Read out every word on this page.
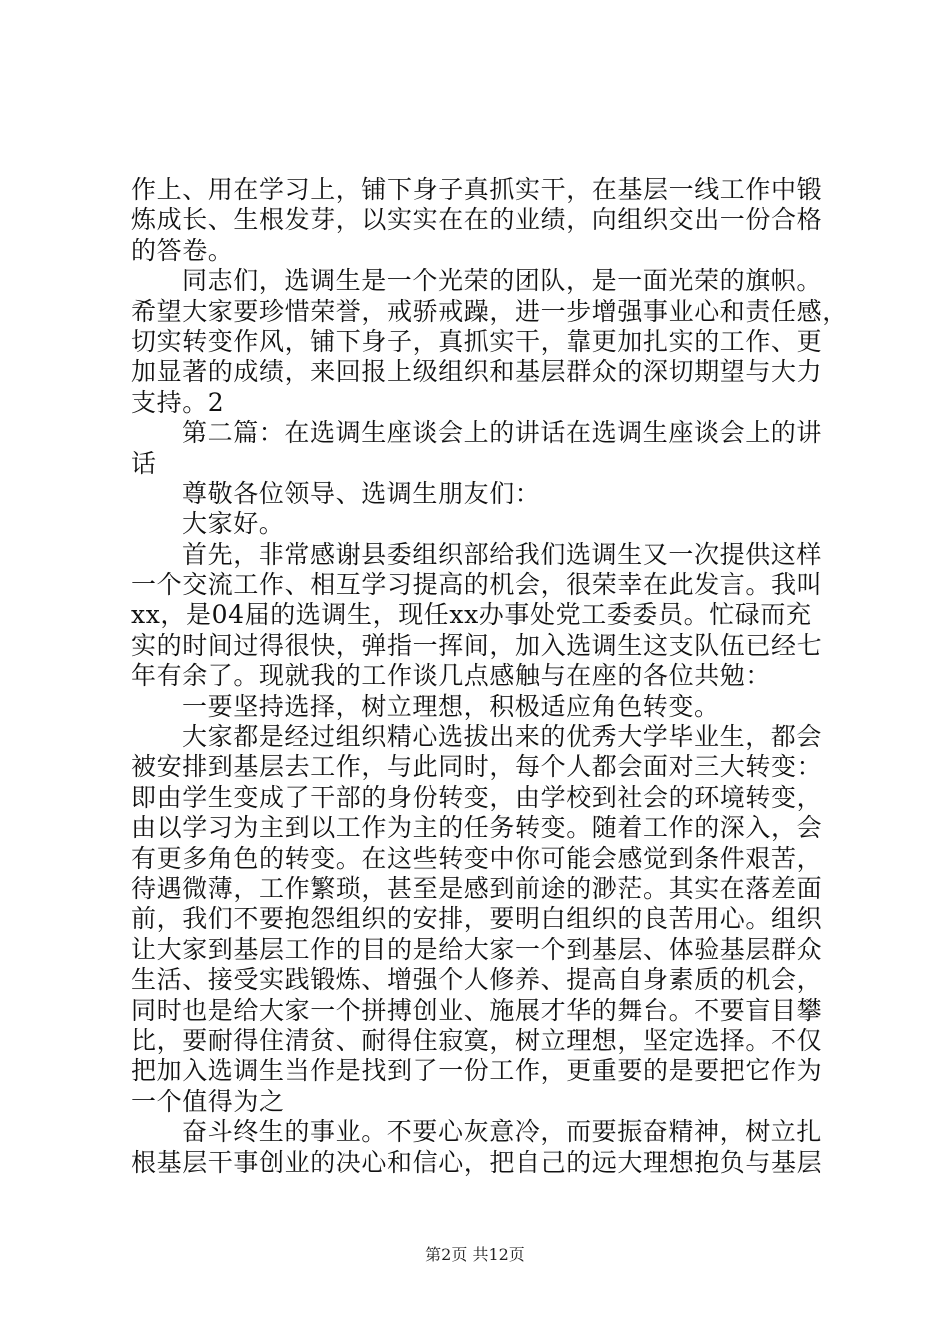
作上、用在学习上，铺下身子真抓实干，在基层一线工作中锻
炼成长、生根发芽，以实实在在的业绩，向组织交出一份合格
的答卷。
同志们，选调生是一个光荣的团队，是一面光荣的旗帜。
希望大家要珍惜荣誉，戒骄戒躁，进一步增强事业心和责任感，
切实转变作风，铺下身子，真抓实干，靠更加扎实的工作、更
加显著的成绩，来回报上级组织和基层群众的深切期望与大力
支持。2
第二篇：在选调生座谈会上的讲话在选调生座谈会上的讲
话
尊敬各位领导、选调生朋友们：
大家好。
首先，非常感谢县委组织部给我们选调生又一次提供这样
一个交流工作、相互学习提高的机会，很荣幸在此发言。我叫
xx，是04届的选调生，现任xx办事处党工委委员。忙碌而充
实的时间过得很快，弹指一挥间，加入选调生这支队伍已经七
年有余了。现就我的工作谈几点感触与在座的各位共勉：
一要坚持选择，树立理想，积极适应角色转变。
大家都是经过组织精心选拔出来的优秀大学毕业生，都会
被安排到基层去工作，与此同时，每个人都会面对三大转变：
即由学生变成了干部的身份转变，由学校到社会的环境转变，
由以学习为主到以工作为主的任务转变。随着工作的深入，会
有更多角色的转变。在这些转变中你可能会感觉到条件艰苦，
待遇微薄，工作繁琐，甚至是感到前途的渺茫。其实在落差面
前，我们不要抱怨组织的安排，要明白组织的良苦用心。组织
让大家到基层工作的目的是给大家一个到基层、体验基层群众
生活、接受实践锻炼、增强个人修养、提高自身素质的机会，
同时也是给大家一个拼搏创业、施展才华的舞台。不要盲目攀
比，要耐得住清贫、耐得住寂寞，树立理想，坚定选择。不仅
把加入选调生当作是找到了一份工作，更重要的是要把它作为
一个值得为之
奋斗终生的事业。不要心灰意冷，而要振奋精神，树立扎
根基层干事创业的决心和信心，把自己的远大理想抱负与基层
第2页 共12页
